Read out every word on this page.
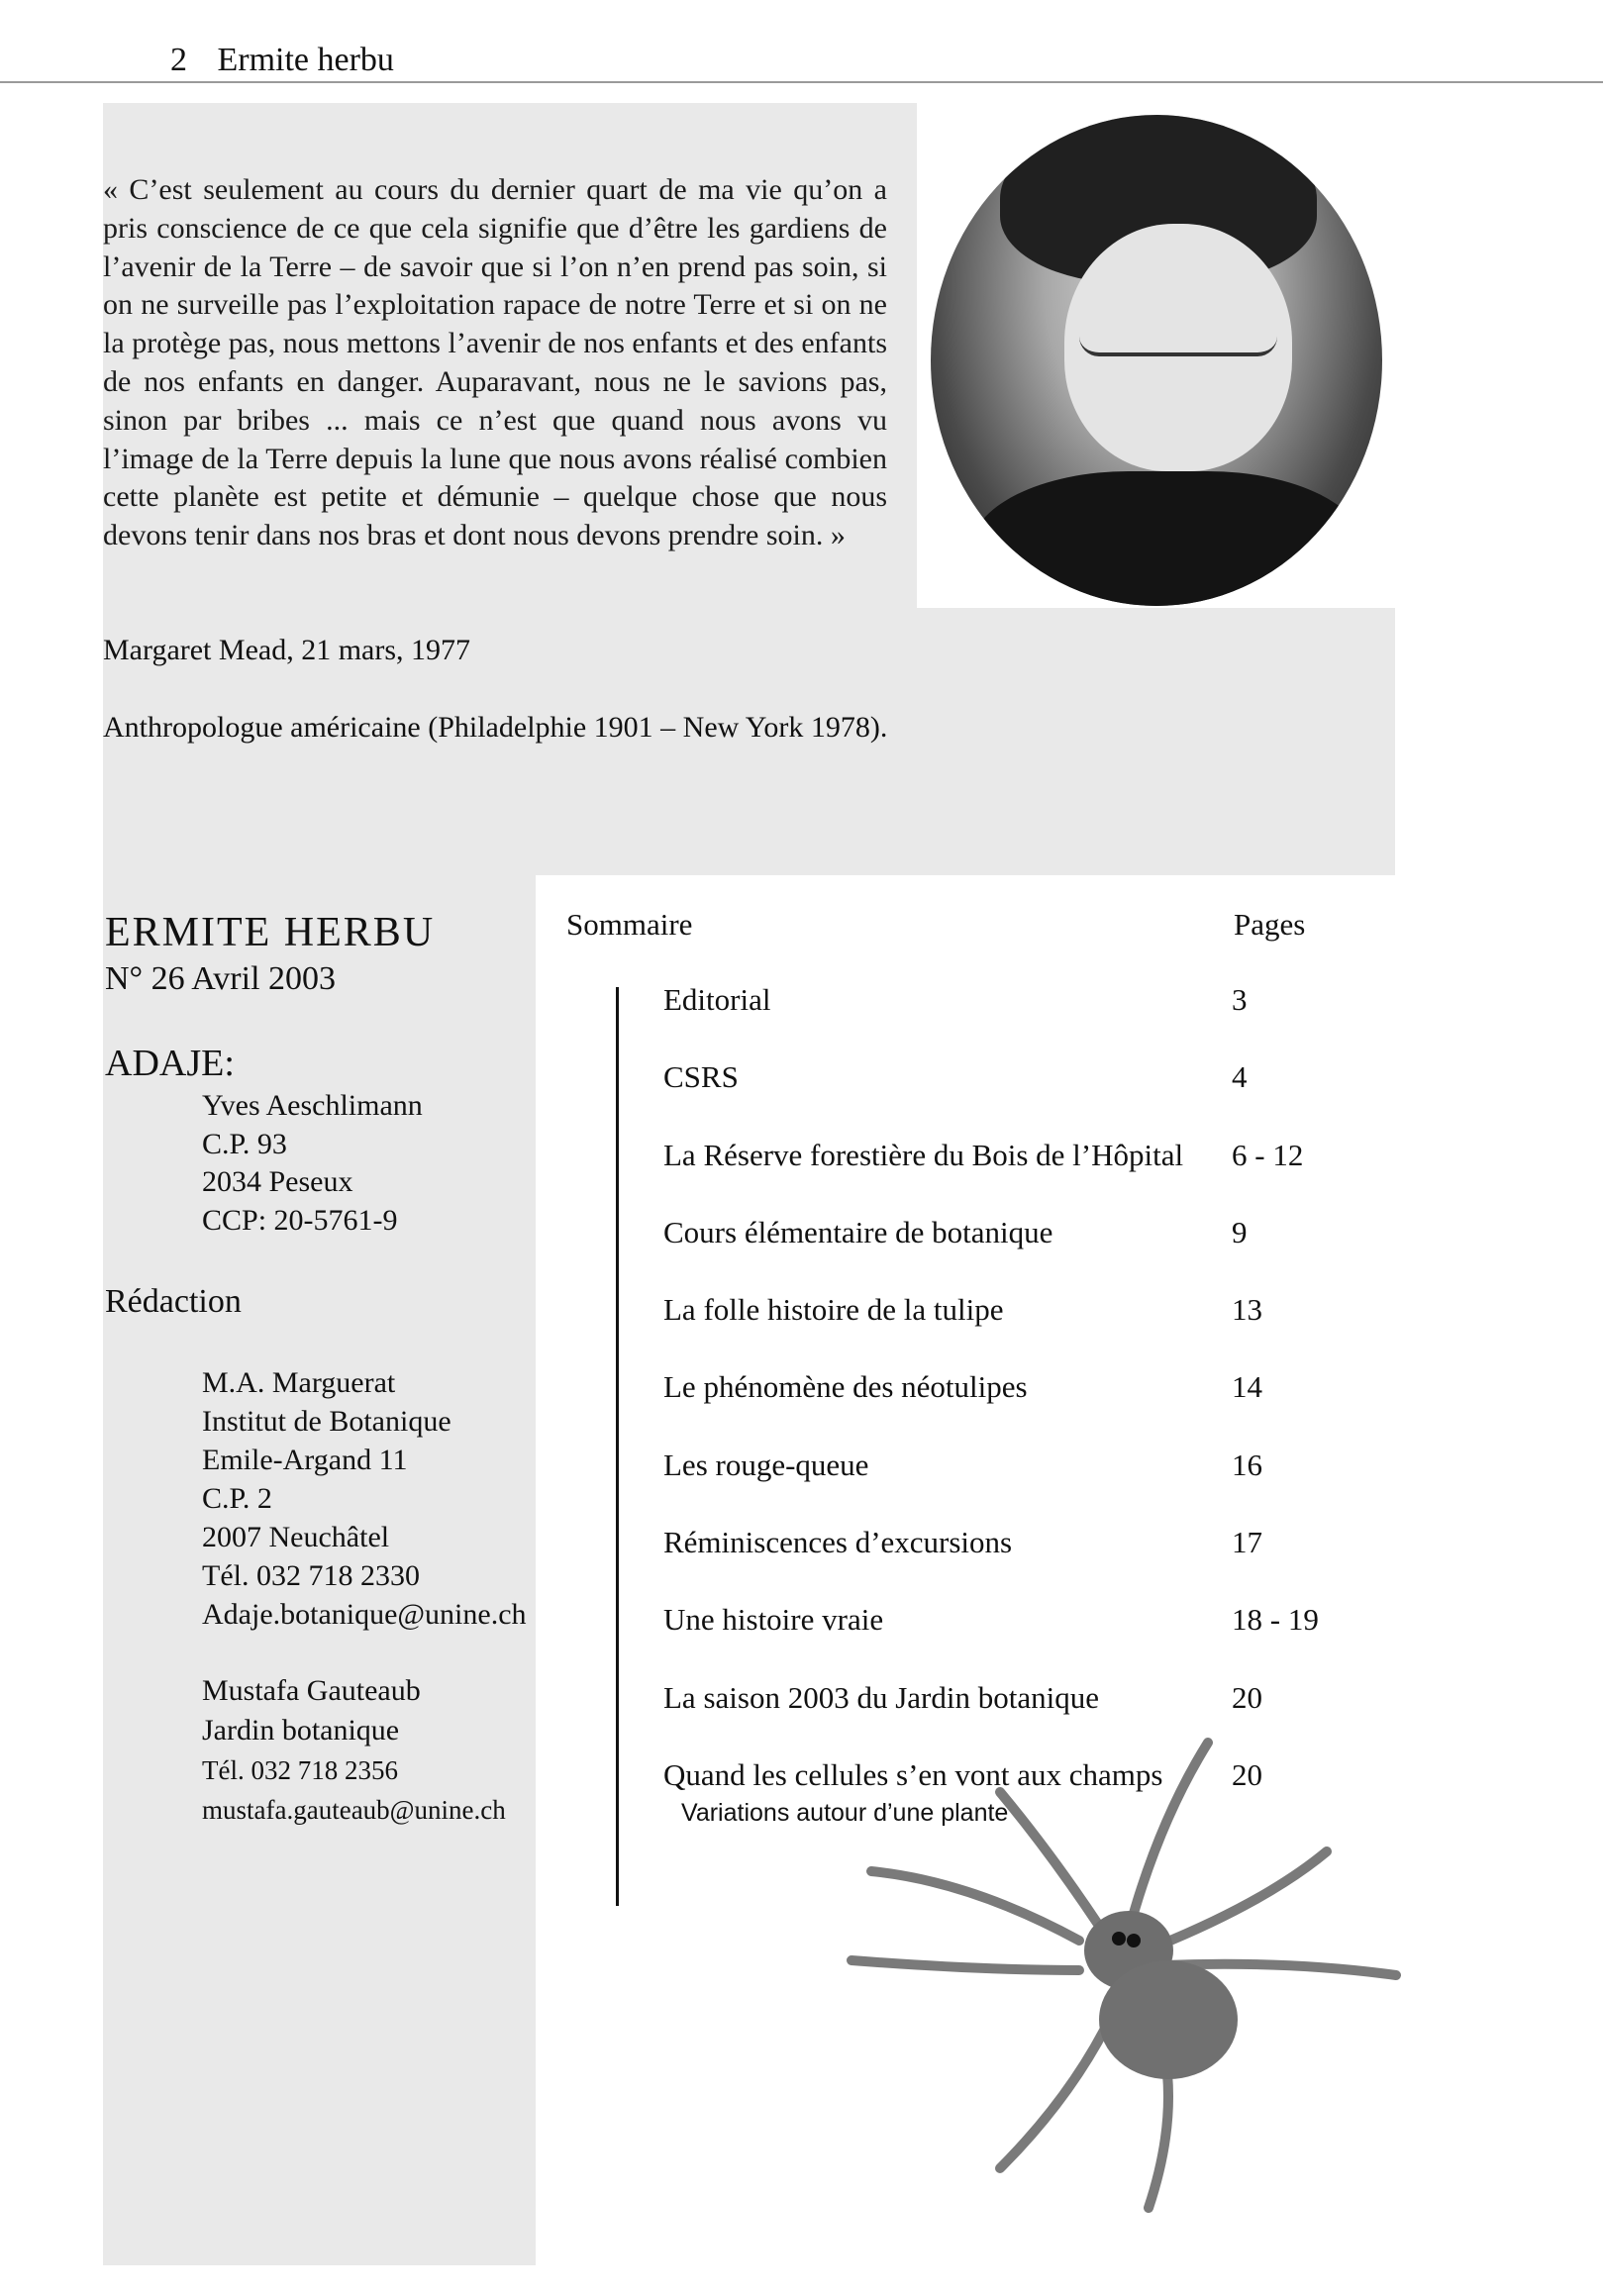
2 Ermite herbu
« C’est seulement au cours du dernier quart de ma vie qu’on a pris conscience de ce que cela signifie que d’être les gardiens de l’avenir de la Terre – de savoir que si l’on n’en prend pas soin, si on ne surveille pas l’exploitation rapace de notre Terre et si on ne la protège pas, nous mettons l’avenir de nos enfants et des enfants de nos enfants en danger. Auparavant, nous ne le savions pas, sinon par bribes ... mais ce n’est que quand nous avons vu l’image de la Terre depuis la lune que nous avons réalisé combien cette planète est petite et démunie – quelque chose que nous devons tenir dans nos bras et dont nous devons prendre soin. »
Margaret Mead, 21 mars, 1977
Anthropologue américaine (Philadelphie 1901 – New York 1978).
ERMITE HERBU
N° 26 Avril 2003
ADAJE:
Yves Aeschlimann
C.P. 93
2034 Peseux
CCP: 20-5761-9
Rédaction
M.A. Marguerat
Institut de Botanique
Emile-Argand 11
C.P. 2
2007 Neuchâtel
Tél. 032 718 2330
Adaje.botanique@unine.ch
Mustafa Gauteaub
Jardin botanique
Tél. 032 718 2356
mustafa.gauteaub@unine.ch
Sommaire	Pages
Editorial	3
CSRS	4
La Réserve forestière du Bois de l’Hôpital 6 - 12
Cours élémentaire de botanique	9
La folle histoire de la tulipe	13
Le phénomène des néotulipes	14
Les rouge-queue	16
Réminiscences d’excursions	17
Une histoire vraie	18 - 19
La saison 2003 du Jardin botanique	20
Quand les cellules s’en vont aux champs 20
Variations autour d’une plante
